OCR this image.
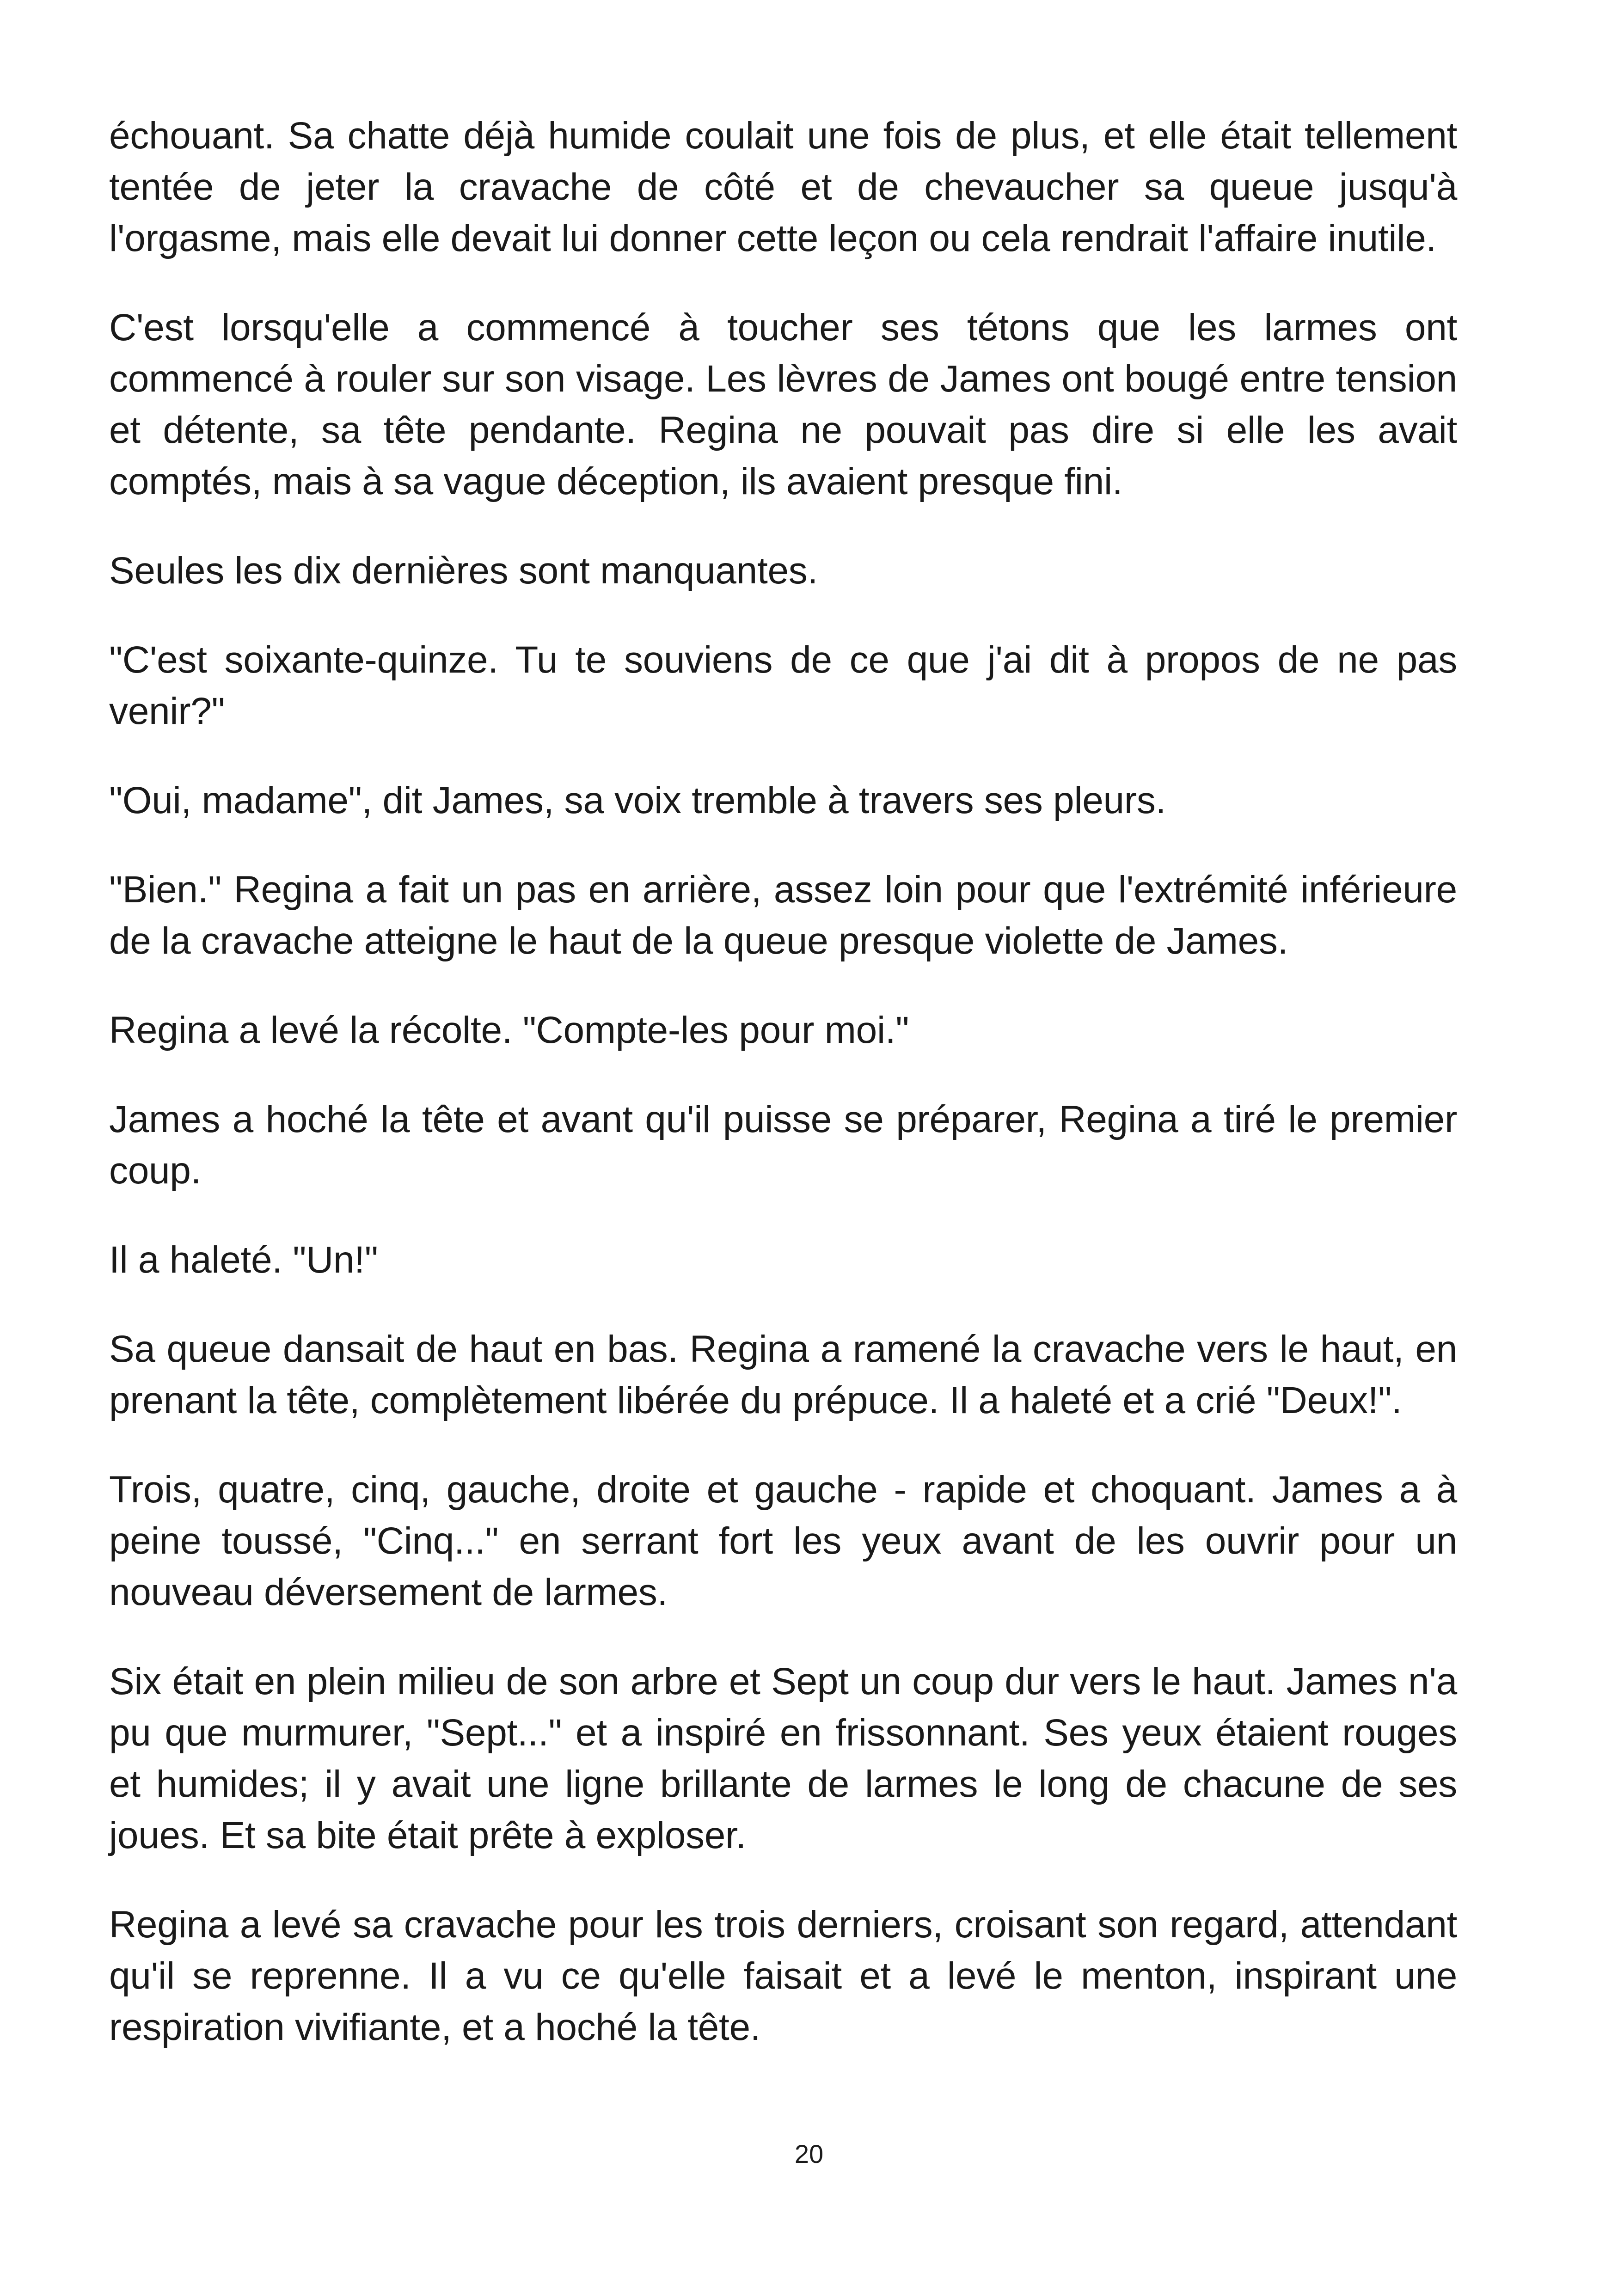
échouant. Sa chatte déjà humide coulait une fois de plus, et elle était tellement tentée de jeter la cravache de côté et de chevaucher sa queue jusqu'à l'orgasme, mais elle devait lui donner cette leçon ou cela rendrait l'affaire inutile.

C'est lorsqu'elle a commencé à toucher ses tétons que les larmes ont commencé à rouler sur son visage. Les lèvres de James ont bougé entre tension et détente, sa tête pendante. Regina ne pouvait pas dire si elle les avait comptés, mais à sa vague déception, ils avaient presque fini.

Seules les dix dernières sont manquantes.

"C'est soixante-quinze. Tu te souviens de ce que j'ai dit à propos de ne pas venir?"

"Oui, madame", dit James, sa voix tremble à travers ses pleurs.

"Bien." Regina a fait un pas en arrière, assez loin pour que l'extrémité inférieure de la cravache atteigne le haut de la queue presque violette de James.

Regina a levé la récolte. "Compte-les pour moi."

James a hoché la tête et avant qu'il puisse se préparer, Regina a tiré le premier coup.

Il a haleté. "Un!"

Sa queue dansait de haut en bas. Regina a ramené la cravache vers le haut, en prenant la tête, complètement libérée du prépuce. Il a haleté et a crié "Deux!".

Trois, quatre, cinq, gauche, droite et gauche - rapide et choquant. James a à peine toussé, "Cinq..." en serrant fort les yeux avant de les ouvrir pour un nouveau déversement de larmes.

Six était en plein milieu de son arbre et Sept un coup dur vers le haut. James n'a pu que murmurer, "Sept..." et a inspiré en frissonnant. Ses yeux étaient rouges et humides; il y avait une ligne brillante de larmes le long de chacune de ses joues. Et sa bite était prête à exploser.

Regina a levé sa cravache pour les trois derniers, croisant son regard, attendant qu'il se reprenne. Il a vu ce qu'elle faisait et a levé le menton, inspirant une respiration vivifiante, et a hoché la tête.

20
